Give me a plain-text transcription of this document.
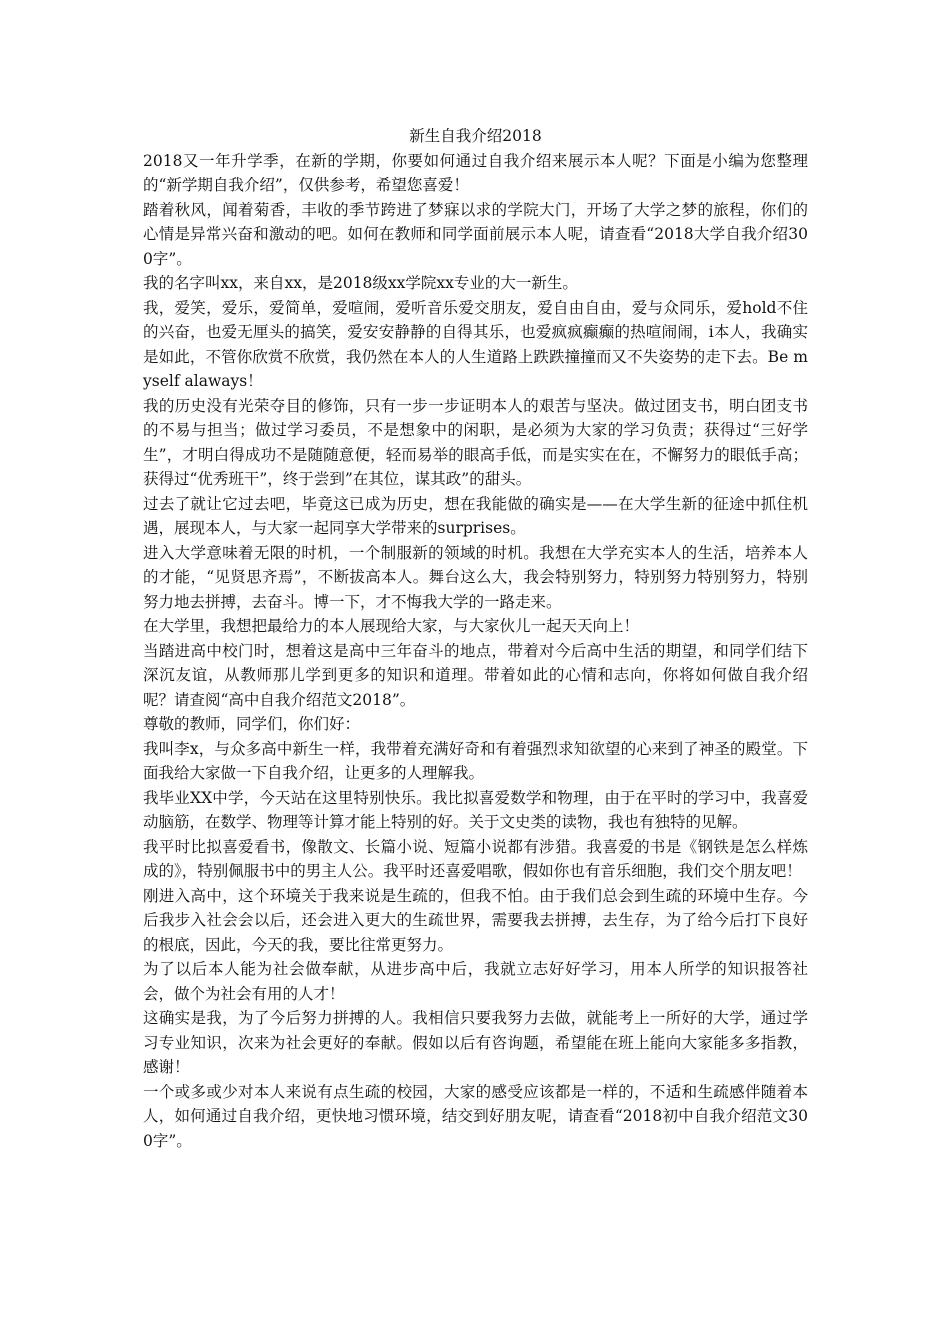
新生自我介绍2018

2018又一年升学季，在新的学期，你要如何通过自我介绍来展示本人呢？下面是小编为您整理的“新学期自我介绍”，仅供参考，希望您喜爱！

踏着秋风，闻着菊香，丰收的季节跨进了梦寐以求的学院大门，开场了大学之梦的旅程，你们的心情是异常兴奋和激动的吧。如何在教师和同学面前展示本人呢，请查看“2018大学自我介绍300字”。

我的名字叫xx，来自xx，是2018级xx学院xx专业的大一新生。

我，爱笑，爱乐，爱简单，爱喧闹，爱听音乐爱交朋友，爱自由自由，爱与众同乐，爱hold不住的兴奋，也爱无厘头的搞笑，爱安安静静的自得其乐，也爱疯疯癫癫的热喧闹闹，i本人，我确实是如此，不管你欣赏不欣赏，我仍然在本人的人生道路上跌跌撞撞而又不失姿势的走下去。Be myself alaways！

我的历史没有光荣夺目的修饰，只有一步一步证明本人的艰苦与坚决。做过团支书，明白团支书的不易与担当；做过学习委员，不是想象中的闲职，是必须为大家的学习负责；获得过“三好学生”，才明白得成功不是随随意便，轻而易举的眼高手低，而是实实在在，不懈努力的眼低手高；获得过“优秀班干”，终于尝到”在其位，谋其政”的甜头。

过去了就让它过去吧，毕竟这已成为历史，想在我能做的确实是——在大学生新的征途中抓住机遇，展现本人，与大家一起同享大学带来的surprises。

进入大学意味着无限的时机，一个制服新的领域的时机。我想在大学充实本人的生活，培养本人的才能，“见贤思齐焉”，不断拔高本人。舞台这么大，我会特别努力，特别努力特别努力，特别努力地去拼搏，去奋斗。博一下，才不悔我大学的一路走来。

在大学里，我想把最给力的本人展现给大家，与大家伙儿一起天天向上！

当踏进高中校门时，想着这是高中三年奋斗的地点，带着对今后高中生活的期望，和同学们结下深沉友谊，从教师那儿学到更多的知识和道理。带着如此的心情和志向，你将如何做自我介绍呢？请查阅“高中自我介绍范文2018”。

尊敬的教师，同学们，你们好：

我叫李x，与众多高中新生一样，我带着充满好奇和有着强烈求知欲望的心来到了神圣的殿堂。下面我给大家做一下自我介绍，让更多的人理解我。

我毕业XX中学，今天站在这里特别快乐。我比拟喜爱数学和物理，由于在平时的学习中，我喜爱动脑筋，在数学、物理等计算才能上特别的好。关于文史类的读物，我也有独特的见解。

我平时比拟喜爱看书，像散文、长篇小说、短篇小说都有涉猎。我喜爱的书是《钢铁是怎么样炼成的》，特别佩服书中的男主人公。我平时还喜爱唱歌，假如你也有音乐细胞，我们交个朋友吧！

刚进入高中，这个环境关于我来说是生疏的，但我不怕。由于我们总会到生疏的环境中生存。今后我步入社会会以后，还会进入更大的生疏世界，需要我去拼搏，去生存，为了给今后打下良好的根底，因此，今天的我，要比往常更努力。

为了以后本人能为社会做奉献，从进步高中后，我就立志好好学习，用本人所学的知识报答社会，做个为社会有用的人才！

这确实是我，为了今后努力拼搏的人。我相信只要我努力去做，就能考上一所好的大学，通过学习专业知识，次来为社会更好的奉献。假如以后有咨询题，希望能在班上能向大家能多多指教，感谢！

一个或多或少对本人来说有点生疏的校园，大家的感受应该都是一样的，不适和生疏感伴随着本人，如何通过自我介绍，更快地习惯环境，结交到好朋友呢，请查看“2018初中自我介绍范文300字”。
